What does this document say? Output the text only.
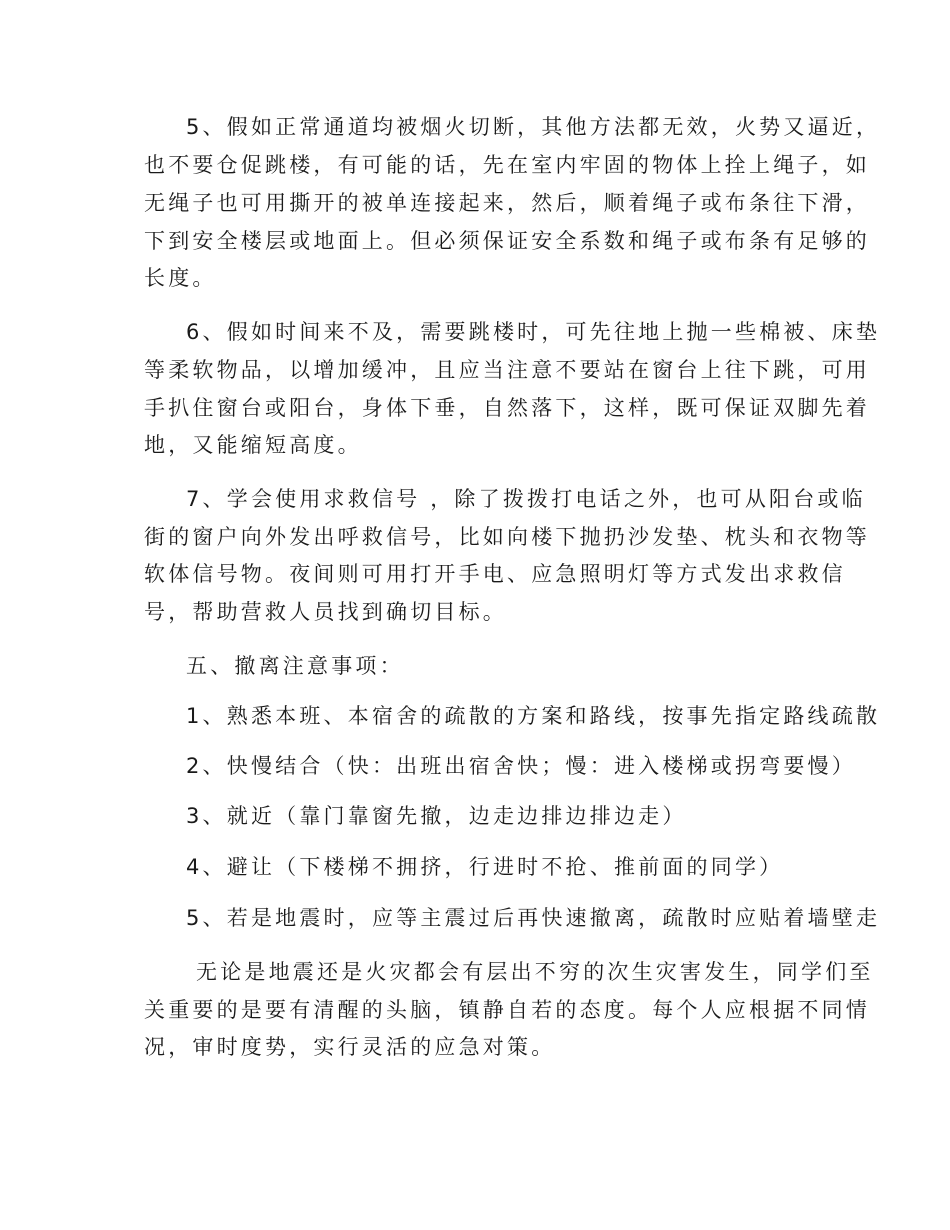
5、假如正常通道均被烟火切断，其他方法都无效，火势又逼近，
也不要仓促跳楼，有可能的话，先在室内牢固的物体上拴上绳子，如
无绳子也可用撕开的被单连接起来，然后，顺着绳子或布条往下滑，
下到安全楼层或地面上。但必须保证安全系数和绳子或布条有足够的
长度。
6、假如时间来不及，需要跳楼时，可先往地上抛一些棉被、床垫
等柔软物品，以增加缓冲，且应当注意不要站在窗台上往下跳，可用
手扒住窗台或阳台，身体下垂，自然落下，这样，既可保证双脚先着
地，又能缩短高度。
7、学会使用求救信号 ，除了拨拨打电话之外，也可从阳台或临
街的窗户向外发出呼救信号，比如向楼下抛扔沙发垫、枕头和衣物等
软体信号物。夜间则可用打开手电、应急照明灯等方式发出求救信
号，帮助营救人员找到确切目标。
五、撤离注意事项：
1、熟悉本班、本宿舍的疏散的方案和路线，按事先指定路线疏散
2、快慢结合（快：出班出宿舍快；慢：进入楼梯或拐弯要慢）
3、就近（靠门靠窗先撤，边走边排边排边走）
4、避让（下楼梯不拥挤，行进时不抢、推前面的同学）
5、若是地震时，应等主震过后再快速撤离，疏散时应贴着墙壁走
无论是地震还是火灾都会有层出不穷的次生灾害发生，同学们至
关重要的是要有清醒的头脑，镇静自若的态度。每个人应根据不同情
况，审时度势，实行灵活的应急对策。
